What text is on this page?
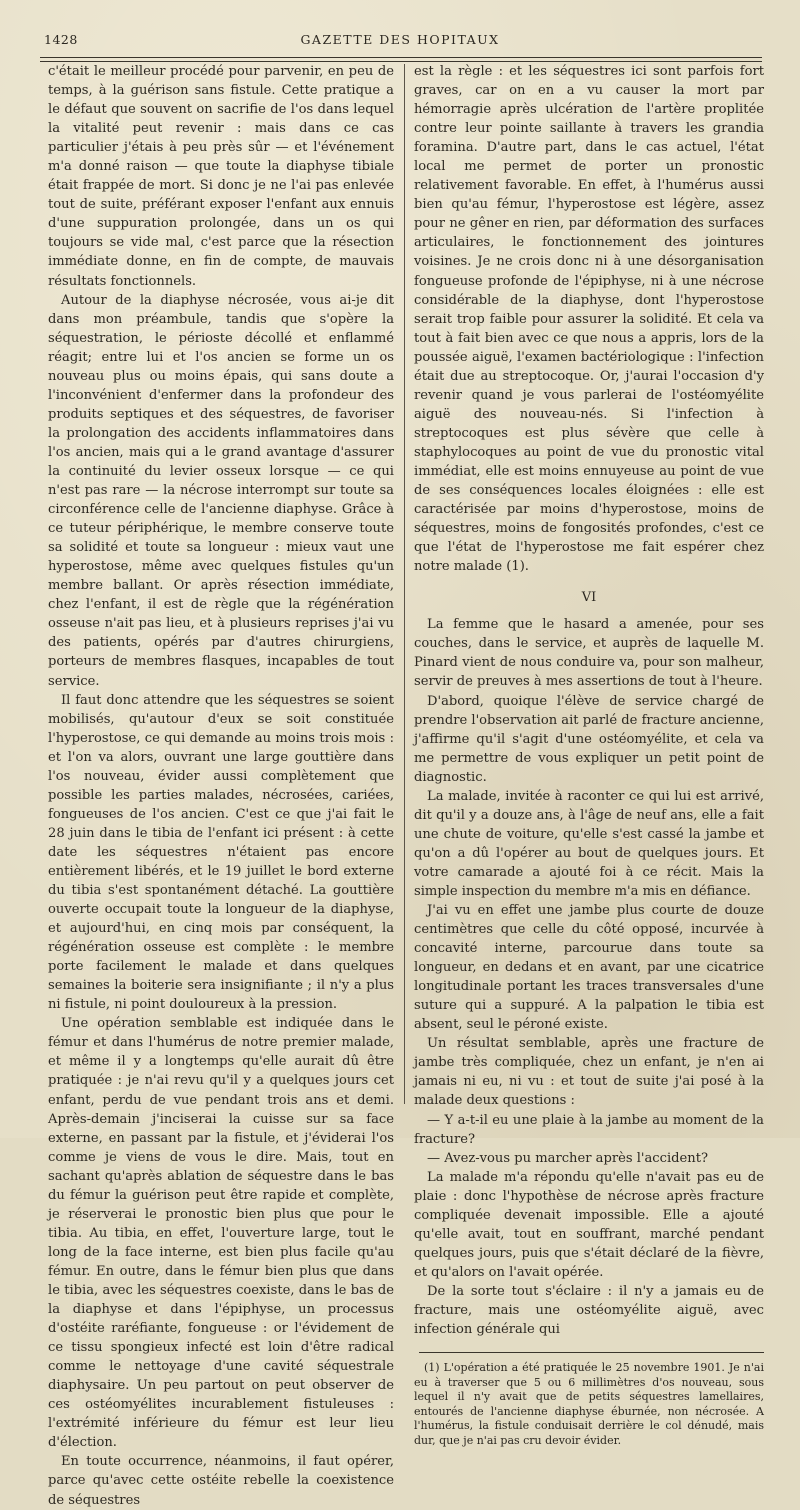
1428	GAZETTE DES HOPITAUX

c'était le meilleur procédé pour parvenir, en peu de temps, à la guérison sans fistule. Cette pratique a le défaut que souvent on sacrifie de l'os dans lequel la vitalité peut revenir : mais dans ce cas particulier j'étais à peu près sûr — et l'événement m'a donné raison — que toute la diaphyse tibiale était frappée de mort. Si donc je ne l'ai pas enlevée tout de suite, préférant exposer l'enfant aux ennuis d'une suppuration prolongée, dans un os qui toujours se vide mal, c'est parce que la résection immédiate donne, en fin de compte, de mauvais résultats fonctionnels.

Autour de la diaphyse nécrosée, vous ai-je dit dans mon préambule, tandis que s'opère la séquestration, le périoste décollé et enflammé réagit; entre lui et l'os ancien se forme un os nouveau plus ou moins épais, qui sans doute a l'inconvénient d'enfermer dans la profondeur des produits septiques et des séquestres, de favoriser la prolongation des accidents inflammatoires dans l'os ancien, mais qui a le grand avantage d'assurer la continuité du levier osseux lorsque — ce qui n'est pas rare — la nécrose interrompt sur toute sa circonférence celle de l'ancienne diaphyse. Grâce à ce tuteur périphérique, le membre conserve toute sa solidité et toute sa longueur : mieux vaut une hyperostose, même avec quelques fistules qu'un membre ballant. Or après résection immédiate, chez l'enfant, il est de règle que la régénération osseuse n'ait pas lieu, et à plusieurs reprises j'ai vu des patients, opérés par d'autres chirurgiens, porteurs de membres flasques, incapables de tout service.

Il faut donc attendre que les séquestres se soient mobilisés, qu'autour d'eux se soit constituée l'hyperostose, ce qui demande au moins trois mois : et l'on va alors, ouvrant une large gouttière dans l'os nouveau, évider aussi complètement que possible les parties malades, nécrosées, cariées, fongueuses de l'os ancien. C'est ce que j'ai fait le 28 juin dans le tibia de l'enfant ici présent : à cette date les séquestres n'étaient pas encore entièrement libérés, et le 19 juillet le bord externe du tibia s'est spontanément détaché. La gouttière ouverte occupait toute la longueur de la diaphyse, et aujourd'hui, en cinq mois par conséquent, la régénération osseuse est complète : le membre porte facilement le malade et dans quelques semaines la boiterie sera insignifiante ; il n'y a plus ni fistule, ni point douloureux à la pression.

Une opération semblable est indiquée dans le fémur et dans l'humérus de notre premier malade, et même il y a longtemps qu'elle aurait dû être pratiquée : je n'ai revu qu'il y a quelques jours cet enfant, perdu de vue pendant trois ans et demi. Après-demain j'inciserai la cuisse sur sa face externe, en passant par la fistule, et j'éviderai l'os comme je viens de vous le dire. Mais, tout en sachant qu'après ablation de séquestre dans le bas du fémur la guérison peut être rapide et complète, je réserverai le pronostic bien plus que pour le tibia. Au tibia, en effet, l'ouverture large, tout le long de la face interne, est bien plus facile qu'au fémur. En outre, dans le fémur bien plus que dans le tibia, avec les séquestres coexiste, dans le bas de la diaphyse et dans l'épiphyse, un processus d'ostéite raréfiante, fongueuse : or l'évidement de ce tissu spongieux infecté est loin d'être radical comme le nettoyage d'une cavité séquestrale diaphysaire. Un peu partout on peut observer de ces ostéomyélites incurablement fistuleuses : l'extrémité inférieure du fémur est leur lieu d'élection.

En toute occurrence, néanmoins, il faut opérer, parce qu'avec cette ostéite rebelle la coexistence de séquestres

est la règle : et les séquestres ici sont parfois fort graves, car on en a vu causer la mort par hémorragie après ulcération de l'artère proplitée contre leur pointe saillante à travers les grandia foramina. D'autre part, dans le cas actuel, l'état local me permet de porter un pronostic relativement favorable. En effet, à l'humérus aussi bien qu'au fémur, l'hyperostose est légère, assez pour ne gêner en rien, par déformation des surfaces articulaires, le fonctionnement des jointures voisines. Je ne crois donc ni à une désorganisation fongueuse profonde de l'épiphyse, ni à une nécrose considérable de la diaphyse, dont l'hyperostose serait trop faible pour assurer la solidité. Et cela va tout à fait bien avec ce que nous a appris, lors de la poussée aiguë, l'examen bactériologique : l'infection était due au streptocoque. Or, j'aurai l'occasion d'y revenir quand je vous parlerai de l'ostéomyélite aiguë des nouveau-nés. Si l'infection à streptocoques est plus sévère que celle à staphylocoques au point de vue du pronostic vital immédiat, elle est moins ennuyeuse au point de vue de ses conséquences locales éloignées : elle est caractérisée par moins d'hyperostose, moins de séquestres, moins de fongosités profondes, c'est ce que l'état de l'hyperostose me fait espérer chez notre malade (1).

VI

La femme que le hasard a amenée, pour ses couches, dans le service, et auprès de laquelle M. Pinard vient de nous conduire va, pour son malheur, servir de preuves à mes assertions de tout à l'heure.

D'abord, quoique l'élève de service chargé de prendre l'observation ait parlé de fracture ancienne, j'affirme qu'il s'agit d'une ostéomyélite, et cela va me permettre de vous expliquer un petit point de diagnostic.

La malade, invitée à raconter ce qui lui est arrivé, dit qu'il y a douze ans, à l'âge de neuf ans, elle a fait une chute de voiture, qu'elle s'est cassé la jambe et qu'on a dû l'opérer au bout de quelques jours. Et votre camarade a ajouté foi à ce récit. Mais la simple inspection du membre m'a mis en défiance.

J'ai vu en effet une jambe plus courte de douze centimètres que celle du côté opposé, incurvée à concavité interne, parcourue dans toute sa longueur, en dedans et en avant, par une cicatrice longitudinale portant les traces transversales d'une suture qui a suppuré. A la palpation le tibia est absent, seul le péroné existe.

Un résultat semblable, après une fracture de jambe très compliquée, chez un enfant, je n'en ai jamais ni eu, ni vu : et tout de suite j'ai posé à la malade deux questions :

— Y a-t-il eu une plaie à la jambe au moment de la fracture?

— Avez-vous pu marcher après l'accident?

La malade m'a répondu qu'elle n'avait pas eu de plaie : donc l'hypothèse de nécrose après fracture compliquée devenait impossible. Elle a ajouté qu'elle avait, tout en souffrant, marché pendant quelques jours, puis que s'était déclaré de la fièvre, et qu'alors on l'avait opérée.

De la sorte tout s'éclaire : il n'y a jamais eu de fracture, mais une ostéomyélite aiguë, avec infection générale qui

(1) L'opération a été pratiquée le 25 novembre 1901. Je n'ai eu à traverser que 5 ou 6 millimètres d'os nouveau, sous lequel il n'y avait que de petits séquestres lamellaires, entourés de l'ancienne diaphyse éburnée, non nécrosée. A l'humérus, la fistule conduisait derrière le col dénudé, mais dur, que je n'ai pas cru devoir évider.
